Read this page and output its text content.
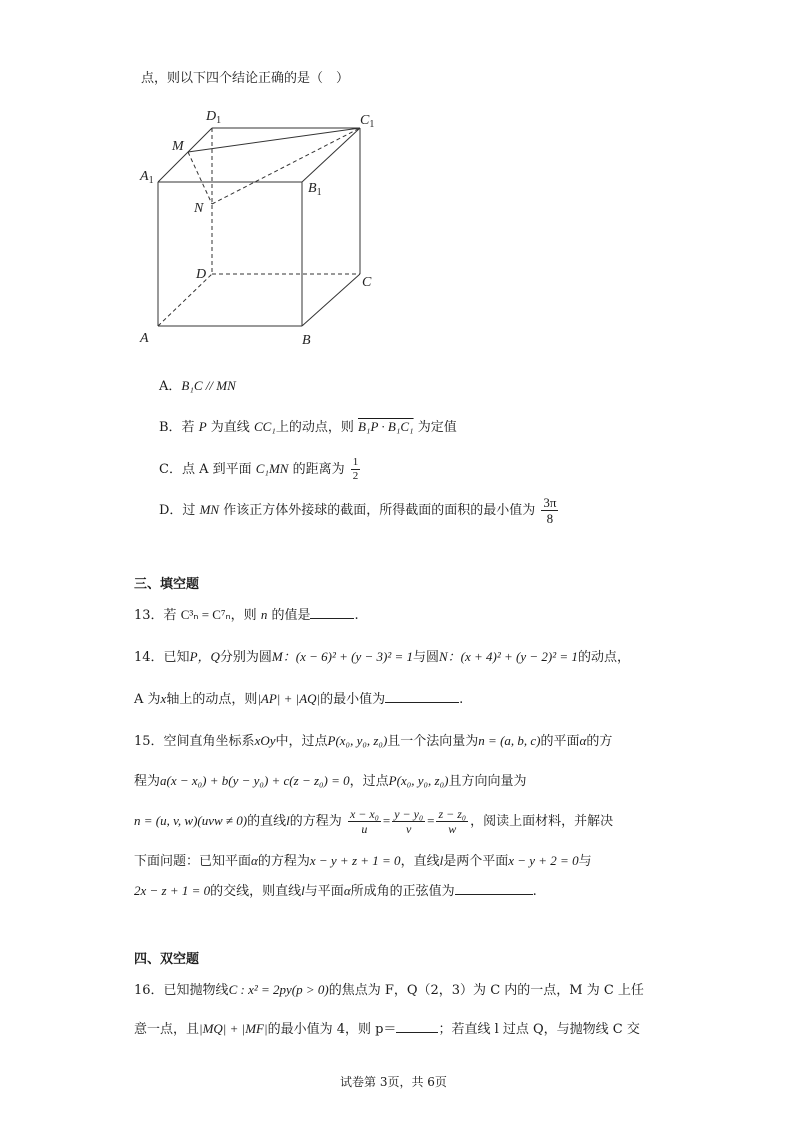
点，则以下四个结论正确的是（　）
$D_1$	$C_1$
M
$A_1$
$B_1$
N
D
C
A	B
A．B₁C // MN
B．若 P 为直线 CC₁上的动点，则 B₁P · B₁C₁ 为定值
C．点 A 到平面 C₁MN 的距离为 $\frac{1}{2}$
D．过 MN 作该正方体外接球的截面，所得截面的面积的最小值为 $\frac{3\pi}{8}$
三、填空题
13．若 C³ₙ = C⁷ₙ，则 n 的值是	.
14．已知P，Q分别为圆M：(x − 6)² + (y − 3)² = 1与圆N：(x + 4)² + (y − 2)² = 1的动点，
A 为x轴上的动点，则|AP| + |AQ|的最小值为	.
15．空间直角坐标系xOy中，过点P(x₀, y₀, z₀)且一个法向量为n = (a, b, c)的平面α的方
程为a(x − x₀) + b(y − y₀) + c(z − z₀) = 0，过点P(x₀, y₀, z₀)且方向向量为
n = (u, v, w)(uvw ≠ 0)的直线l的方程为 $\frac{\text{x − x₀}}{u} = \frac{\text{y − y₀}}{v} = \frac{\text{z − z₀}}{w}$ ，阅读上面材料，并解决
下面问题：已知平面α的方程为x − y + z + 1 = 0，直线l是两个平面x − y + 2 = 0与
2x − z + 1 = 0的交线，则直线l与平面α所成角的正弦值为	.
四、双空题
16．已知抛物线C : x² = 2py(p > 0)的焦点为 F，Q（2，3）为 C 内的一点，M 为 C 上任
意一点，且|MQ| + |MF|的最小值为 4，则 p＝	；若直线 l 过点 Q，与抛物线 C 交
试卷第 3页，共 6页
